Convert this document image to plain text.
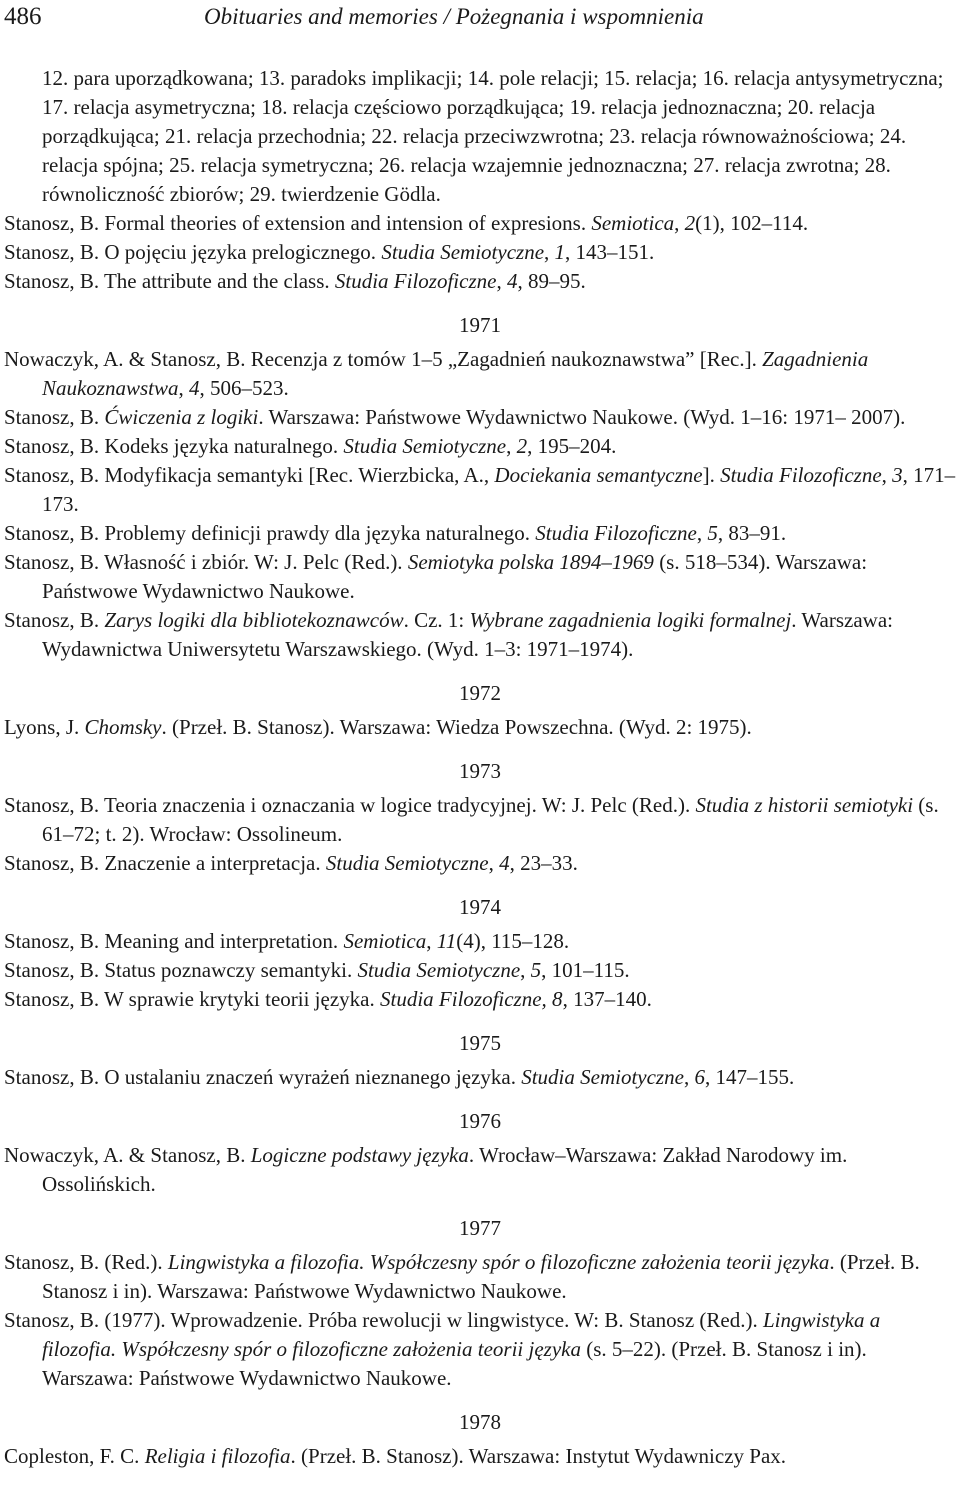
486	Obituaries and memories / Pożegnania i wspomnienia

12. para uporządkowana; 13. paradoks implikacji; 14. pole relacji; 15. relacja; 16. relacja antysymetryczna; 17. relacja asymetryczna; 18. relacja częściowo porządkująca; 19. relacja jednoznaczna; 20. relacja porządkująca; 21. relacja przechodnia; 22. relacja przeciwzwrotna; 23. relacja równoważnościowa; 24. relacja spójna; 25. relacja symetryczna; 26. relacja wzajemnie jednoznaczna; 27. relacja zwrotna; 28. równoliczność zbiorów; 29. twierdzenie Gödla.

Stanosz, B. Formal theories of extension and intension of expresions. Semiotica, 2(1), 102–114.

Stanosz, B. O pojęciu języka prelogicznego. Studia Semiotyczne, 1, 143–151.

Stanosz, B. The attribute and the class. Studia Filozoficzne, 4, 89–95.

1971

Nowaczyk, A. & Stanosz, B. Recenzja z tomów 1–5 „Zagadnień naukoznawstwa” [Rec.]. Zagadnienia Naukoznawstwa, 4, 506–523.

Stanosz, B. Ćwiczenia z logiki. Warszawa: Państwowe Wydawnictwo Naukowe. (Wyd. 1–16: 1971– 2007).

Stanosz, B. Kodeks języka naturalnego. Studia Semiotyczne, 2, 195–204.

Stanosz, B. Modyfikacja semantyki [Rec. Wierzbicka, A., Dociekania semantyczne]. Studia Filozoficzne, 3, 171–173.

Stanosz, B. Problemy definicji prawdy dla języka naturalnego. Studia Filozoficzne, 5, 83–91.

Stanosz, B. Własność i zbiór. W: J. Pelc (Red.). Semiotyka polska 1894–1969 (s. 518–534). Warszawa: Państwowe Wydawnictwo Naukowe.

Stanosz, B. Zarys logiki dla bibliotekoznawców. Cz. 1: Wybrane zagadnienia logiki formalnej. Warszawa: Wydawnictwa Uniwersytetu Warszawskiego. (Wyd. 1–3: 1971–1974).

1972

Lyons, J. Chomsky. (Przeł. B. Stanosz). Warszawa: Wiedza Powszechna. (Wyd. 2: 1975).

1973

Stanosz, B. Teoria znaczenia i oznaczania w logice tradycyjnej. W: J. Pelc (Red.). Studia z historii semiotyki (s. 61–72; t. 2). Wrocław: Ossolineum.

Stanosz, B. Znaczenie a interpretacja. Studia Semiotyczne, 4, 23–33.

1974

Stanosz, B. Meaning and interpretation. Semiotica, 11(4), 115–128.

Stanosz, B. Status poznawczy semantyki. Studia Semiotyczne, 5, 101–115.

Stanosz, B. W sprawie krytyki teorii języka. Studia Filozoficzne, 8, 137–140.

1975

Stanosz, B. O ustalaniu znaczeń wyrażeń nieznanego języka. Studia Semiotyczne, 6, 147–155.

1976

Nowaczyk, A. & Stanosz, B. Logiczne podstawy języka. Wrocław–Warszawa: Zakład Narodowy im. Ossolińskich.

1977

Stanosz, B. (Red.). Lingwistyka a filozofia. Współczesny spór o filozoficzne założenia teorii języka. (Przeł. B. Stanosz i in). Warszawa: Państwowe Wydawnictwo Naukowe.

Stanosz, B. (1977). Wprowadzenie. Próba rewolucji w lingwistyce. W: B. Stanosz (Red.). Lingwistyka a filozofia. Współczesny spór o filozoficzne założenia teorii języka (s. 5–22). (Przeł. B. Stanosz i in). Warszawa: Państwowe Wydawnictwo Naukowe.

1978

Copleston, F. C. Religia i filozofia. (Przeł. B. Stanosz). Warszawa: Instytut Wydawniczy Pax.
